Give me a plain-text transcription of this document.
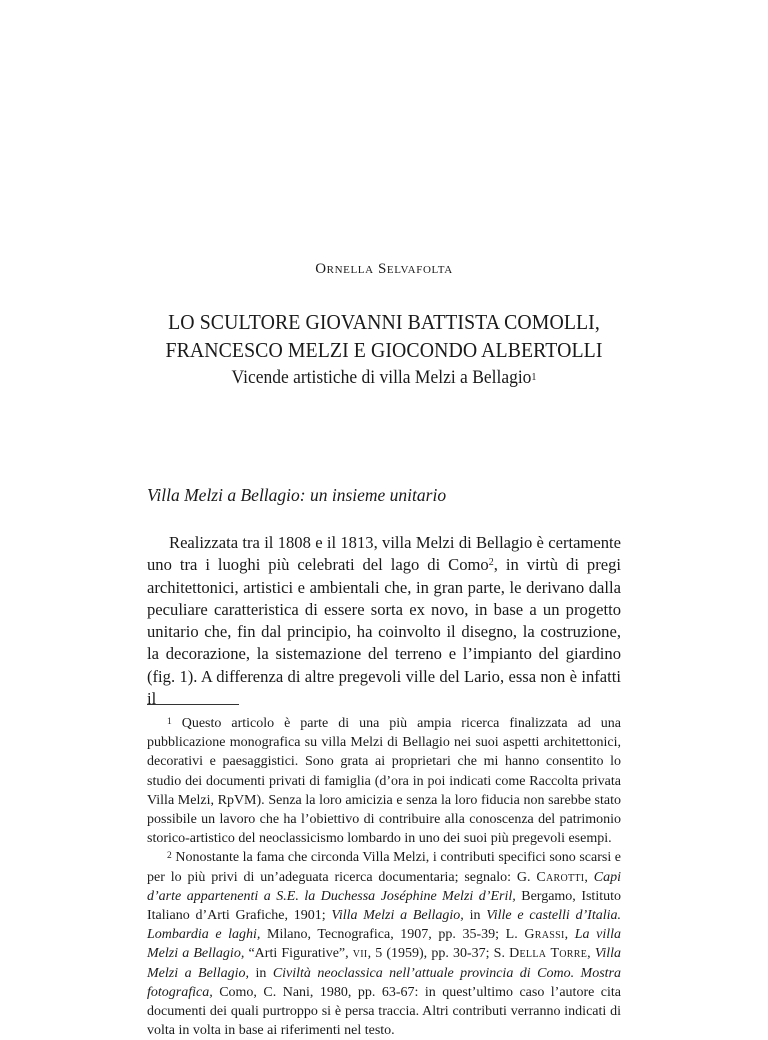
Ornella Selvafolta
LO SCULTORE GIOVANNI BATTISTA COMOLLI,
FRANCESCO MELZI E GIOCONDO ALBERTOLLI
Vicende artistiche di villa Melzi a Bellagio$^1$
Villa Melzi a Bellagio: un insieme unitario

Realizzata tra il 1808 e il 1813, villa Melzi di Bellagio è certamente uno tra i luoghi più celebrati del lago di Como$^2$, in virtù di pregi architettonici, artistici e ambientali che, in gran parte, le derivano dalla peculiare caratteristica di essere sorta ex novo, in base a un progetto unitario che, fin dal principio, ha coinvolto il disegno, la costruzione, la decorazione, la sistemazione del terreno e l’impianto del giardino (fig. 1). A differenza di altre pregevoli ville del Lario, essa non è infatti il

$^1$ Questo articolo è parte di una più ampia ricerca finalizzata ad una pubblicazione monografica su villa Melzi di Bellagio nei suoi aspetti architettonici, decorativi e paesaggistici. Sono grata ai proprietari che mi hanno consentito lo studio dei documenti privati di famiglia (d’ora in poi indicati come Raccolta privata Villa Melzi, RpVM). Senza la loro amicizia e senza la loro fiducia non sarebbe stato possibile un lavoro che ha l’obiettivo di contribuire alla conoscenza del patrimonio storico-artistico del neoclassicismo lombardo in uno dei suoi più pregevoli esempi.

$^2$ Nonostante la fama che circonda Villa Melzi, i contributi specifici sono scarsi e per lo più privi di un’adeguata ricerca documentaria; segnalo: G. Carotti, Capi d’arte appartenenti a S.E. la Duchessa Joséphine Melzi d’Eril, Bergamo, Istituto Italiano d’Arti Grafiche, 1901; Villa Melzi a Bellagio, in Ville e castelli d’Italia. Lombardia e laghi, Milano, Tecnografica, 1907, pp. 35-39; L. Grassi, La villa Melzi a Bellagio, “Arti Figurative”, vii, 5 (1959), pp. 30-37; S. Della Torre, Villa Melzi a Bellagio, in Civiltà neoclassica nell’attuale provincia di Como. Mostra fotografica, Como, C. Nani, 1980, pp. 63-67: in quest’ultimo caso l’autore cita documenti dei quali purtroppo si è persa traccia. Altri contributi verranno indicati di volta in volta in base ai riferimenti nel testo.
